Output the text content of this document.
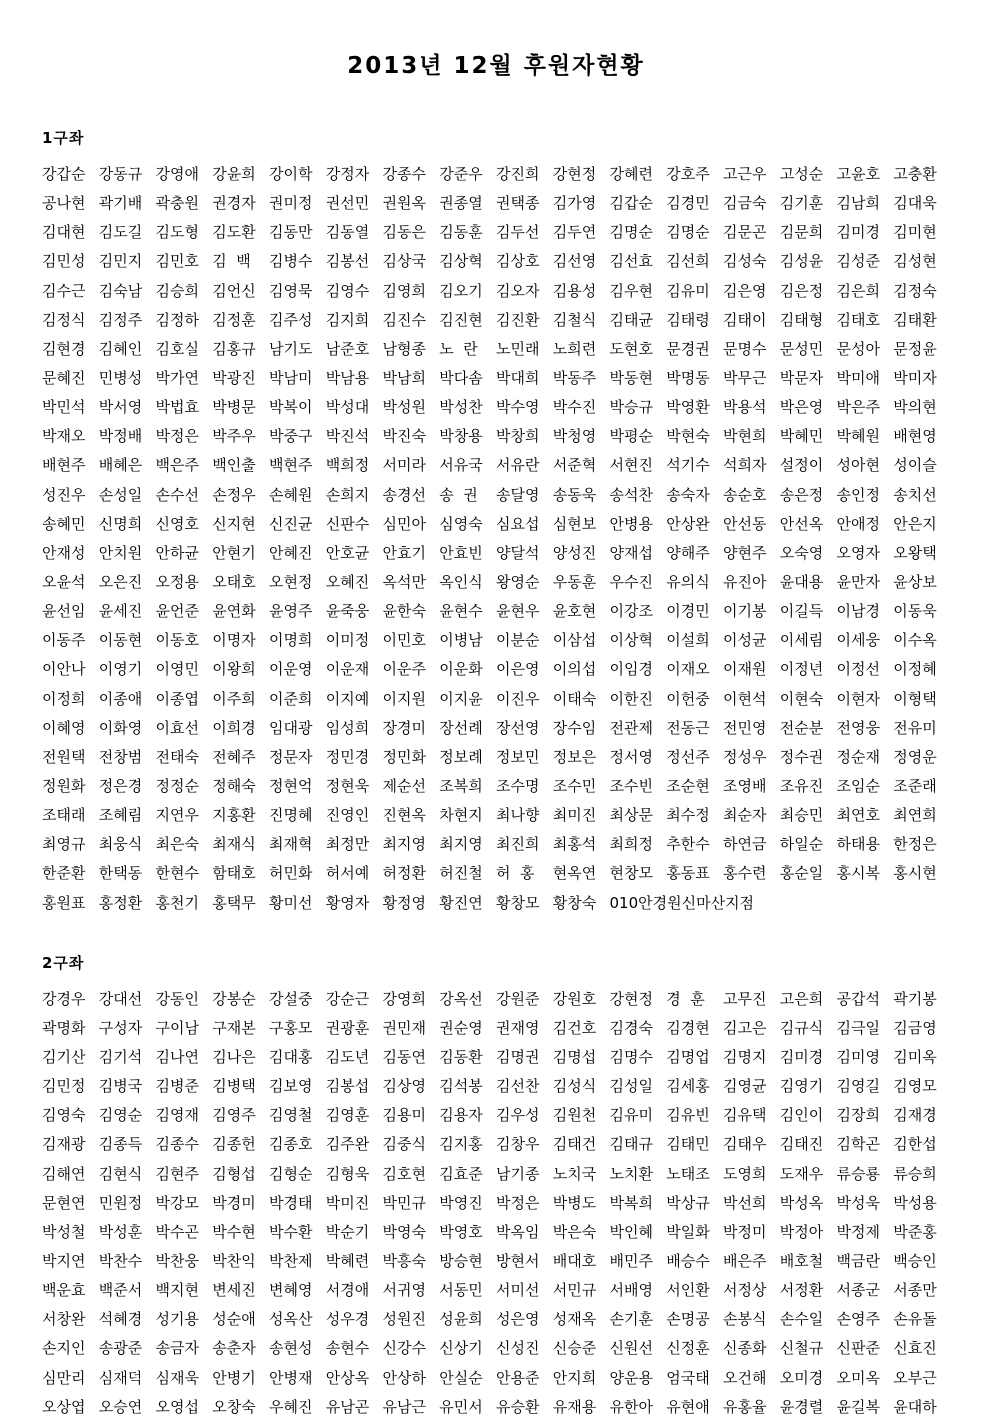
2013년 12월 후원자현황
1구좌
강갑순 강동규 강영애 강윤희 강이학 강정자 강종수 강준우 강진희 강현정 강혜련 강호주 고근우 고성순 고윤호 고충환
공나현 곽기배 곽충원 권경자 권미정 권선민 권원옥 권종열 권택종 김가영 김갑순 김경민 김금숙 김기훈 김남희 김대욱
김대현 김도길 김도형 김도환 김동만 김동열 김동은 김동훈 김두선 김두연 김명순 김명순 김문곤 김문희 김미경 김미현
김민성 김민지 김민호 김  백	김병수 김봉선 김상국 김상혁 김상호 김선영 김선효 김선희 김성숙 김성윤 김성준 김성현
김수근 김숙남 김승희 김언신 김영묵 김영수 김영희 김오기 김오자 김용성 김우현 김유미 김은영 김은정 김은희 김정숙
김정식 김정주 김정하 김정훈 김주성 김지희 김진수 김진현 김진환 김철식 김태균 김태령 김태이 김태형 김태호 김태환
김현경 김혜인 김호실 김홍규 남기도 남준호 남형종 노  란	노민래 노희련 도현호 문경권 문명수 문성민 문성아 문정윤
문혜진 민병성 박가연 박광진 박남미 박남용 박남희 박다솜 박대희 박동주 박동현 박명동 박무근 박문자 박미애 박미자
박민석 박서영 박법효 박병문 박복이 박성대 박성원 박성찬 박수영 박수진 박승규 박영환 박용석 박은영 박은주 박의현
박재오 박정배 박정은 박주우 박중구 박진석 박진숙 박창용 박창희 박청영 박평순 박현숙 박현희 박혜민 박혜원 배현영
배현주 배혜은 백은주 백인출 백현주 백희정 서미라 서유국 서유란 서준혁 서현진 석기수 석희자 설정이 성아현 성이슬
성진우 손성일 손수선 손정우 손혜원 손희지 송경선 송  권	송달영 송동욱 송석찬 송숙자 송순호 송은정 송인정 송치선
송혜민 신명희 신영호 신지현 신진균 신판수 심민아 심영숙 심요섭 심현보 안병용 안상완 안선동 안선옥 안애정 안은지
안재성 안치원 안하균 안현기 안혜진 안호균 안효기 안효빈 양달석 양성진 양재섭 양해주 양현주 오숙영 오영자 오왕택
오윤석 오은진 오정용 오태호 오현정 오혜진 옥석만 옥인식 왕영순 우동훈 우수진 유의식 유진아 윤대용 윤만자 윤상보
윤선임 윤세진 윤언준 윤연화 윤영주 윤죽웅 윤한숙 윤현수 윤현우 윤호현 이강조 이경민 이기봉 이길득 이남경 이동욱
이동주 이동현 이동호 이명자 이명희 이미정 이민호 이병남 이분순 이삼섭 이상혁 이설희 이성균 이세림 이세웅 이수옥
이안나 이영기 이영민 이왕희 이운영 이운재 이운주 이운화 이은영 이의섭 이임경 이재오 이재원 이정년 이정선 이정혜
이정희 이종애 이종엽 이주희 이준희 이지예 이지원 이지윤 이진우 이태숙 이한진 이헌중 이현석 이현숙 이현자 이형택
이혜영 이화영 이효선 이희경 임대광 임성희 장경미 장선례 장선영 장수임 전관제 전동근 전민영 전순분 전영웅 전유미
전원택 전창범 전태숙 전혜주 정문자 정민경 정민화 정보례 정보민 정보은 정서영 정선주 정성우 정수권 정순재 정영운
정원화 정은경 정정순 정해숙 정현억 정현욱 제순선 조복희 조수명 조수민 조수빈 조순현 조영배 조유진 조임순 조준래
조태래 조혜림 지연우 지홍환 진명혜 진영인 진현옥 차현지 최나향 최미진 최상문 최수정 최순자 최승민 최연호 최연희
최영규 최웅식 최은숙 최재식 최재혁 최정만 최지영 최지영 최진희 최홍석 최희정 추한수 하연금 하일순 하태용 한정은
한준환 한택동 한현수 함태호 허민화 허서예 허정환 허진철 허  홍	현옥연 현창모 홍동표 홍수련 홍순일 홍시복 홍시현
홍원표 홍정환 홍천기 홍택무 황미선 황영자 황정영 황진연 황창모 황창숙 010안경원신마산지점
2구좌
강경우 강대선 강동인 강봉순 강설중 강순근 강영희 강옥선 강원준 강원호 강현정 경  훈	고무진 고은희 공갑석 곽기봉
곽명화 구성자 구이남 구재본 구홍모 권광훈 권민재 권순영 권재영 김건호 김경숙 김경현 김고은 김규식 김극일 김금영
김기산 김기석 김나연 김나은 김대홍 김도년 김동연 김동환 김명권 김명섭 김명수 김명업 김명지 김미경 김미영 김미옥
김민정 김병국 김병준 김병택 김보영 김봉섭 김상영 김석봉 김선찬 김성식 김성일 김세홍 김영균 김영기 김영길 김영모
김영숙 김영순 김영재 김영주 김영철 김영훈 김용미 김용자 김우성 김원천 김유미 김유빈 김유택 김인이 김장희 김재경
김재광 김종득 김종수 김종헌 김종호 김주완 김중식 김지홍 김창우 김태건 김태규 김태민 김태우 김태진 김학곤 김한섭
김해연 김현식 김현주 김형섭 김형순 김형욱 김호현 김효준 남기종 노치국 노치환 노태조 도영희 도재우 류승룡 류승희
문현연 민원정 박강모 박경미 박경태 박미진 박민규 박영진 박정은 박병도 박복희 박상규 박선희 박성옥 박성욱 박성용
박성철 박성훈 박수곤 박수현 박수환 박순기 박영숙 박영호 박옥임 박은숙 박인혜 박일화 박정미 박정아 박정제 박준홍
박지연 박찬수 박찬웅 박찬익 박찬제 박혜련 박흥숙 방승현 방현서 배대호 배민주 배승수 배은주 배호철 백금란 백승인
백운효 백준서 백지현 변세진 변혜영 서경애 서귀영 서동민 서미선 서민규 서배영 서인환 서정상 서정환 서종군 서종만
서창완 석혜경 성기용 성순애 성옥산 성우경 성원진 성윤희 성은영 성재옥 손기훈 손명공 손봉식 손수일 손영주 손유돌
손지인 송광준 송금자 송춘자 송현성 송현수 신강수 신상기 신성진 신승준 신원선 신정훈 신종화 신철규 신판준 신효진
심만리 심재덕 심재욱 안병기 안병재 안상옥 안상하 안실순 안용준 안지희 양운용 엄국태 오건해 오미경 오미옥 오부근
오상엽 오승연 오영섭 오창숙 우혜진 유남곤 유남근 유민서 유승환 유재용 유한아 유현애 유홍율 윤경렬 윤길복 윤대하
